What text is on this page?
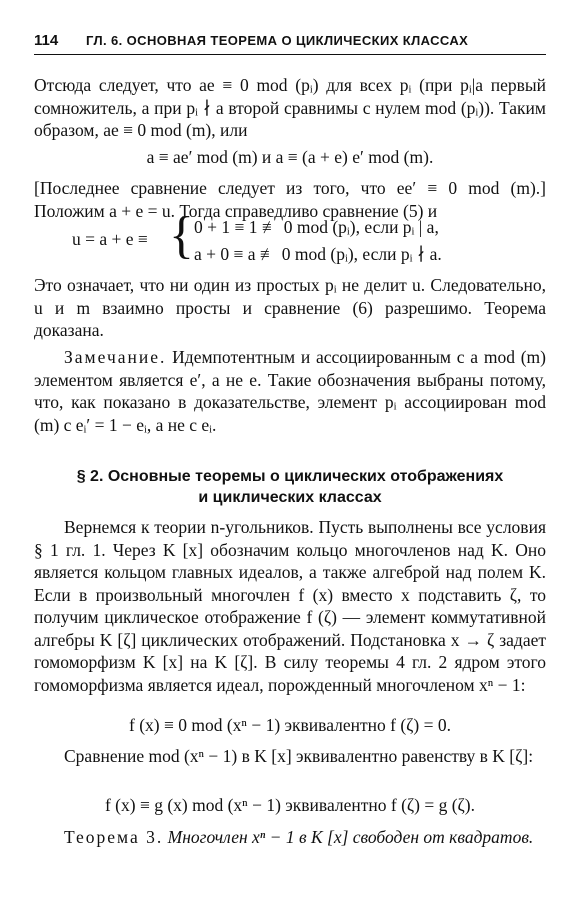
114	ГЛ. 6. ОСНОВНАЯ ТЕОРЕМА О ЦИКЛИЧЕСКИХ КЛАССАХ
Отсюда следует, что ae ≡ 0 mod (pᵢ) для всех pᵢ (при pᵢ|a первый сомножитель, а при pᵢ ∤ a второй сравнимы с нулем mod (pᵢ)). Таким образом, ae ≡ 0 mod (m), или
a ≡ ae′ mod (m) и a ≡ (a + e) e′ mod (m).
[Последнее сравнение следует из того, что ee′ ≡ 0 mod (m).] Положим a + e = u. Тогда справедливо сравнение (5) и
u = a + e ≡ { 0 + 1 ≡ 1 ≢ 0 mod (pᵢ), если pᵢ | a,
a + 0 ≡ a ≢ 0 mod (pᵢ), если pᵢ ∤ a.
Это означает, что ни один из простых pᵢ не делит u. Следовательно, u и m взаимно просты и сравнение (6) разрешимо. Теорема доказана.
Замечание. Идемпотентным и ассоциированным с a mod (m) элементом является e′, а не e. Такие обозначения выбраны потому, что, как показано в доказательстве, элемент pᵢ ассоциирован mod (m) с eᵢ′ = 1 − eᵢ, а не с eᵢ.
§ 2. Основные теоремы о циклических отображениях
и циклических классах
Вернемся к теории n-угольников. Пусть выполнены все условия § 1 гл. 1. Через K [x] обозначим кольцо многочленов над K. Оно является кольцом главных идеалов, а также алгеброй над полем K. Если в произвольный многочлен f (x) вместо x подставить ζ, то получим циклическое отображение f (ζ) — элемент коммутативной алгебры K [ζ] циклических отображений. Подстановка x → ζ задает гомоморфизм K [x] на K [ζ]. В силу теоремы 4 гл. 2 ядром этого гомоморфизма является идеал, порожденный многочленом xⁿ − 1:
f (x) ≡ 0 mod (xⁿ − 1) эквивалентно f (ζ) = 0.
Сравнение mod (xⁿ − 1) в K [x] эквивалентно равенству в K [ζ]:
f (x) ≡ g (x) mod (xⁿ − 1) эквивалентно f (ζ) = g (ζ).
Теорема 3. Многочлен xⁿ − 1 в K [x] свободен от квадратов.
